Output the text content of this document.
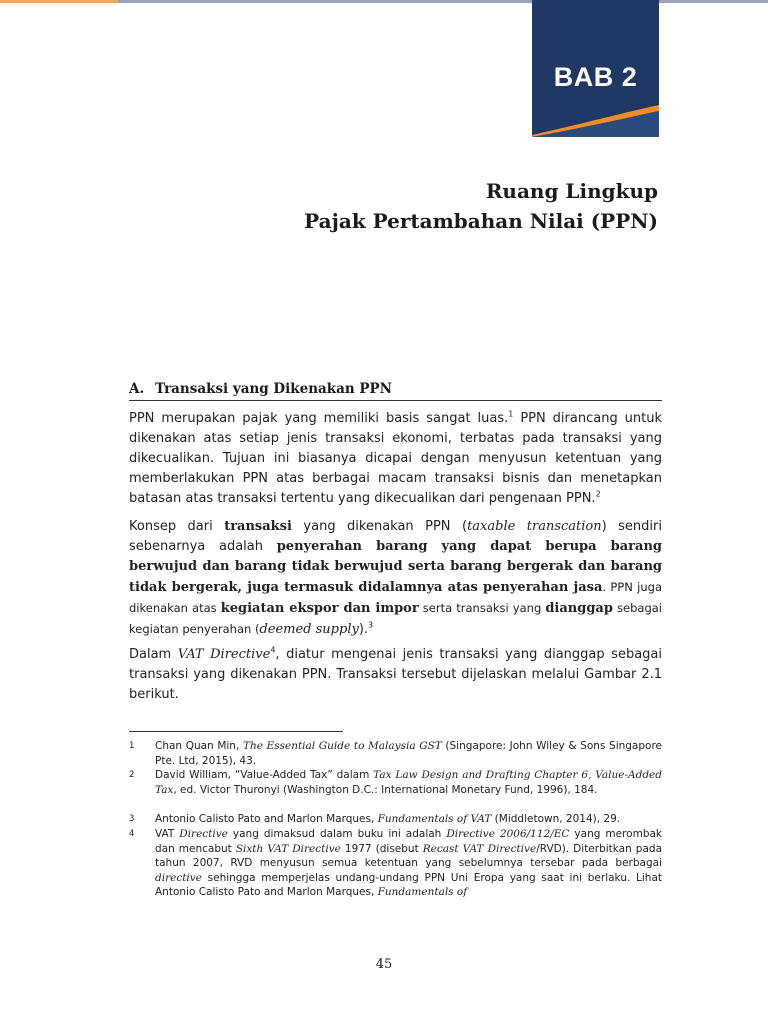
BAB 2
Ruang Lingkup
Pajak Pertambahan Nilai (PPN)
A. Transaksi yang Dikenakan PPN

PPN merupakan pajak yang memiliki basis sangat luas.$^1$ PPN dirancang untuk dikenakan atas setiap jenis transaksi ekonomi, terbatas pada transaksi yang dikecualikan. Tujuan ini biasanya dicapai dengan menyusun ketentuan yang memberlakukan PPN atas berbagai macam transaksi bisnis dan menetapkan batasan atas transaksi tertentu yang dikecualikan dari pengenaan PPN.$^2$

Konsep dari transaksi yang dikenakan PPN (taxable transcation) sendiri sebenarnya adalah penyerahan barang yang dapat berupa barang berwujud dan barang tidak berwujud serta barang bergerak dan barang tidak bergerak, juga termasuk didalamnya atas penyerahan jasa. PPN juga dikenakan atas kegiatan ekspor dan impor serta transaksi yang dianggap sebagai kegiatan penyerahan (deemed supply).$^3$

Dalam VAT Directive$^4$, diatur mengenai jenis transaksi yang dianggap sebagai transaksi yang dikenakan PPN. Transaksi tersebut dijelaskan melalui Gambar 2.1 berikut.

1	Chan Quan Min, The Essential Guide to Malaysia GST (Singapore: John Wiley & Sons Singapore Pte. Ltd, 2015), 43.
2	David William, “Value-Added Tax” dalam Tax Law Design and Drafting Chapter 6, Value-Added Tax, ed. Victor Thuronyi (Washington D.C.: International Monetary Fund, 1996), 184.
3	Antonio Calisto Pato and Marlon Marques, Fundamentals of VAT (Middletown, 2014), 29.
4	VAT Directive yang dimaksud dalam buku ini adalah Directive 2006/112/EC yang merombak dan mencabut Sixth VAT Directive 1977 (disebut Recast VAT Directive/RVD). Diterbitkan pada tahun 2007, RVD menyusun semua ketentuan yang sebelumnya tersebar pada berbagai directive sehingga memperjelas undang-undang PPN Uni Eropa yang saat ini berlaku. Lihat Antonio Calisto Pato and Marlon Marques, Fundamentals of
45
